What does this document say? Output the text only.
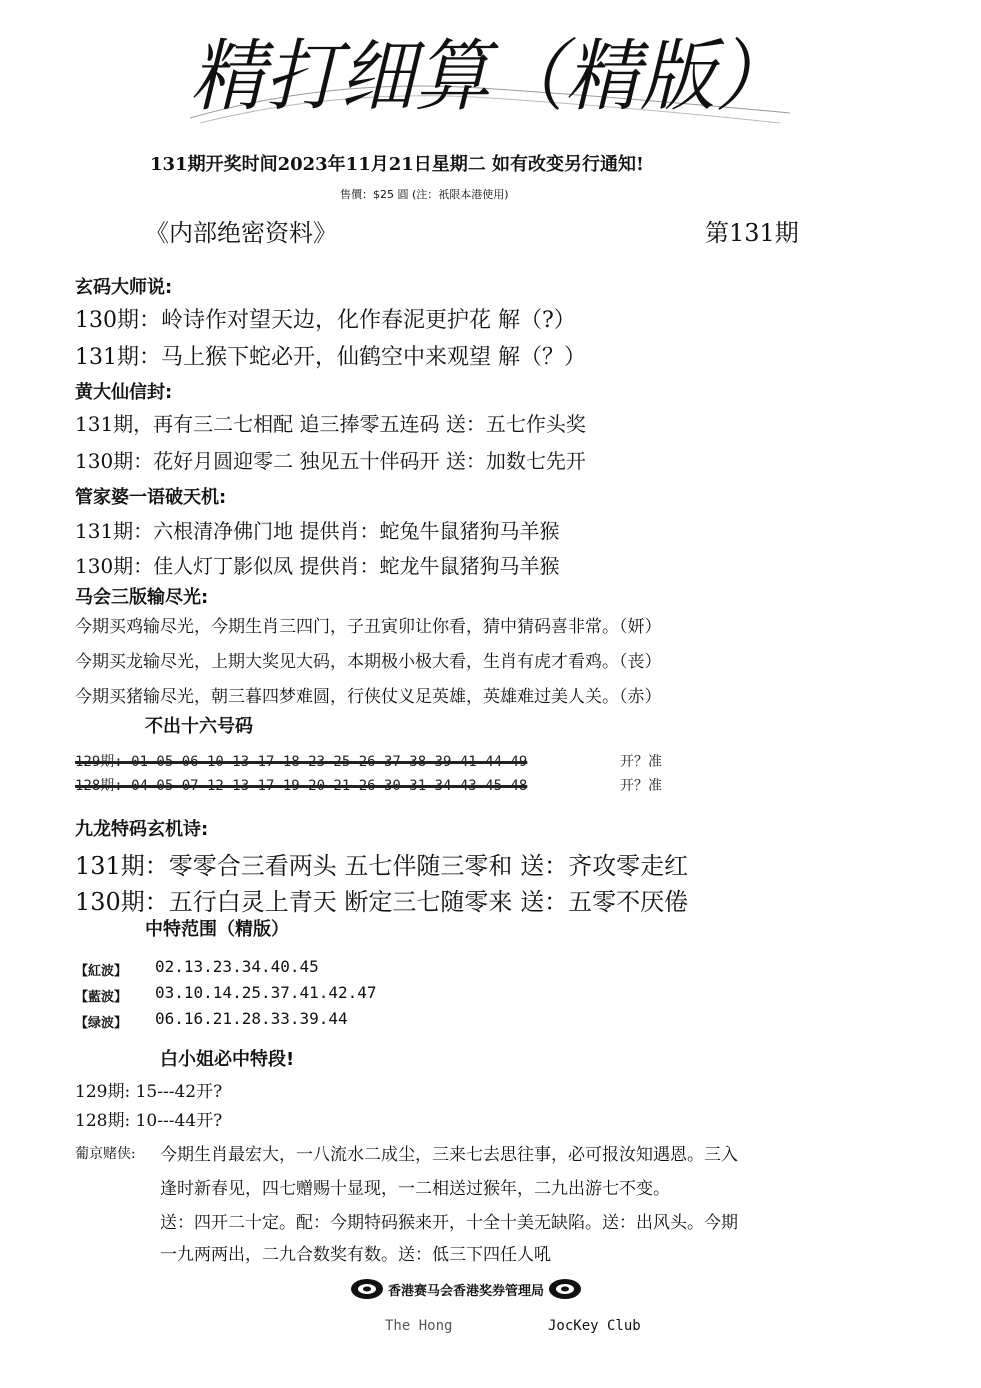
精打细算（精版）
131期开奖时间2023年11月21日星期二 如有改变另行通知!
售價：$25 圓 (注：祇限本港使用)
《内部绝密资料》	第131期
玄码大师说:
130期：岭诗作对望天边，化作春泥更护花 解（?）
131期：马上猴下蛇必开，仙鹤空中来观望 解（？）
黄大仙信封:
131期，再有三二七相配 追三捧零五连码 送：五七作头奖
130期：花好月圆迎零二 独见五十伴码开 送：加数七先开
管家婆一语破天机:
131期：六根清净佛门地 提供肖：蛇兔牛鼠猪狗马羊猴
130期：佳人灯丁影似凤 提供肖：蛇龙牛鼠猪狗马羊猴
马会三版输尽光:
今期买鸡输尽光，今期生肖三四门，子丑寅卯让你看，猜中猜码喜非常。（妍）
今期买龙输尽光，上期大奖见大码，本期极小极大看，生肖有虎才看鸡。（丧）
今期买猪输尽光，朝三暮四梦难圆，行侠仗义足英雄，英雄难过美人关。（赤）
不出十六号码
129期: 01 05 06 10 13 17 18 23 25 26 37 38 39 41 44 49	开？准
128期: 04 05 07 12 13 17 19 20 21 26 30 31 34 43 45 48	开？准
九龙特码玄机诗:
131期：零零合三看两头 五七伴随三零和 送：齐攻零走红
130期：五行白灵上青天 断定三七随零来 送：五零不厌倦
中特范围（精版）
【紅波】 02.13.23.34.40.45
【藍波】 03.10.14.25.37.41.42.47
【绿波】 06.16.21.28.33.39.44
白小姐必中特段!
129期: 15---42开?
128期: 10---44开?
葡京赌侠: 今期生肖最宏大，一八流水二成尘，三来七去思往事，必可报汝知遇恩。三入
逢时新春见，四七赠赐十显现，一二相送过猴年，二九出游七不变。
送：四开二十定。配：今期特码猴来开，十全十美无缺陷。送：出风头。今期
一九两两出，二九合数奖有数。送：低三下四任人吼
香港赛马会香港奖券管理局
The Hong	JocKey Club
